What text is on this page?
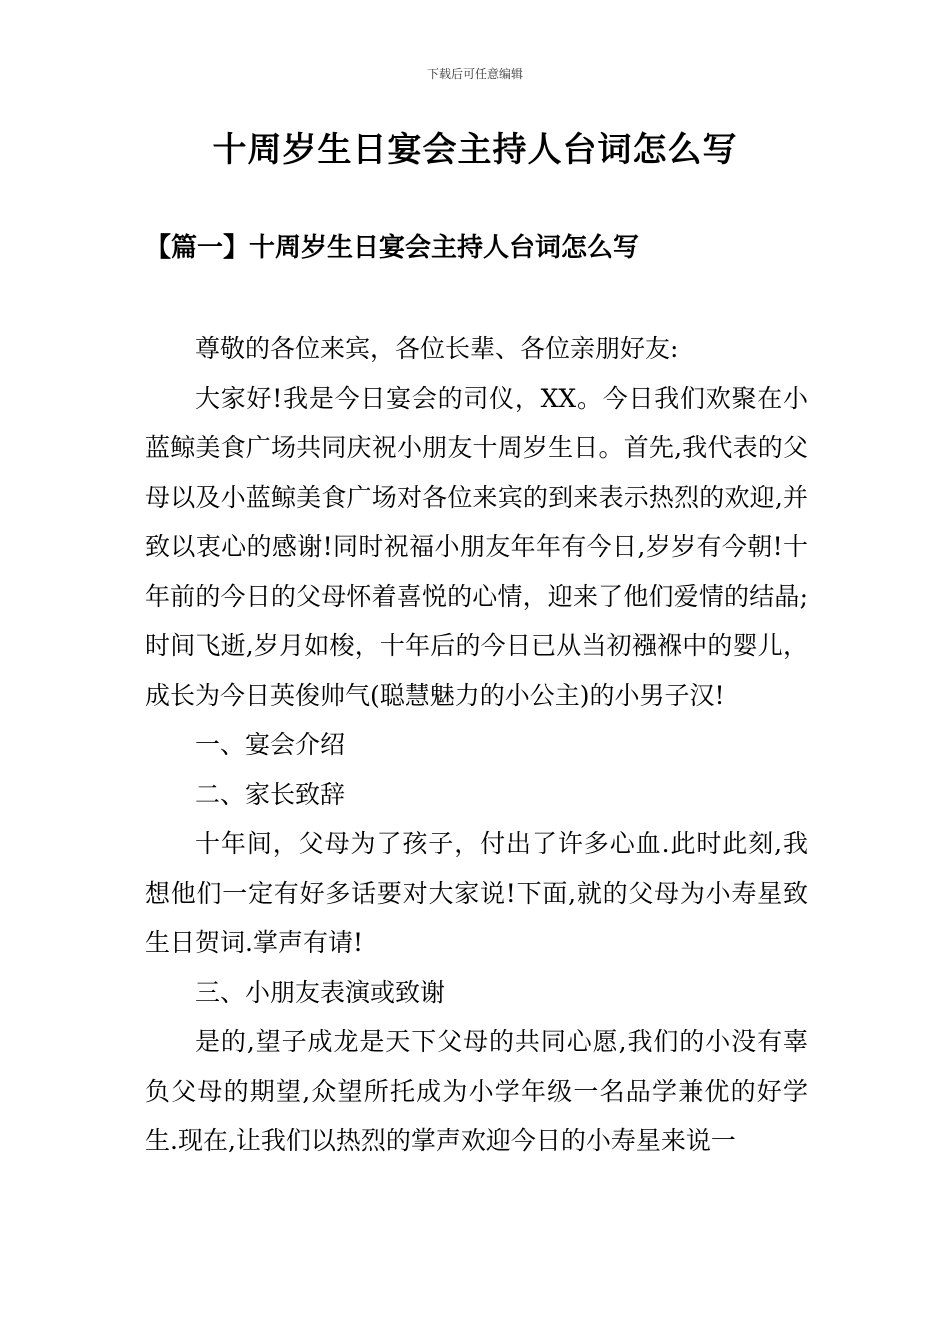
下载后可任意编辑
十周岁生日宴会主持人台词怎么写
【篇一】十周岁生日宴会主持人台词怎么写

尊敬的各位来宾，各位长辈、各位亲朋好友:

大家好!我是今日宴会的司仪，XX。今日我们欢聚在小蓝鲸美食广场共同庆祝小朋友十周岁生日。首先,我代表的父母以及小蓝鲸美食广场对各位来宾的到来表示热烈的欢迎,并致以衷心的感谢!同时祝福小朋友年年有今日,岁岁有今朝!十年前的今日的父母怀着喜悦的心情，迎来了他们爱情的结晶;时间飞逝,岁月如梭，十年后的今日已从当初襁褓中的婴儿，成长为今日英俊帅气(聪慧魅力的小公主)的小男子汉!

一、宴会介绍

二、家长致辞

十年间，父母为了孩子，付出了许多心血.此时此刻,我想他们一定有好多话要对大家说!下面,就的父母为小寿星致生日贺词.掌声有请!

三、小朋友表演或致谢

是的,望子成龙是天下父母的共同心愿,我们的小没有辜负父母的期望,众望所托成为小学年级一名品学兼优的好学生.现在,让我们以热烈的掌声欢迎今日的小寿星来说一
